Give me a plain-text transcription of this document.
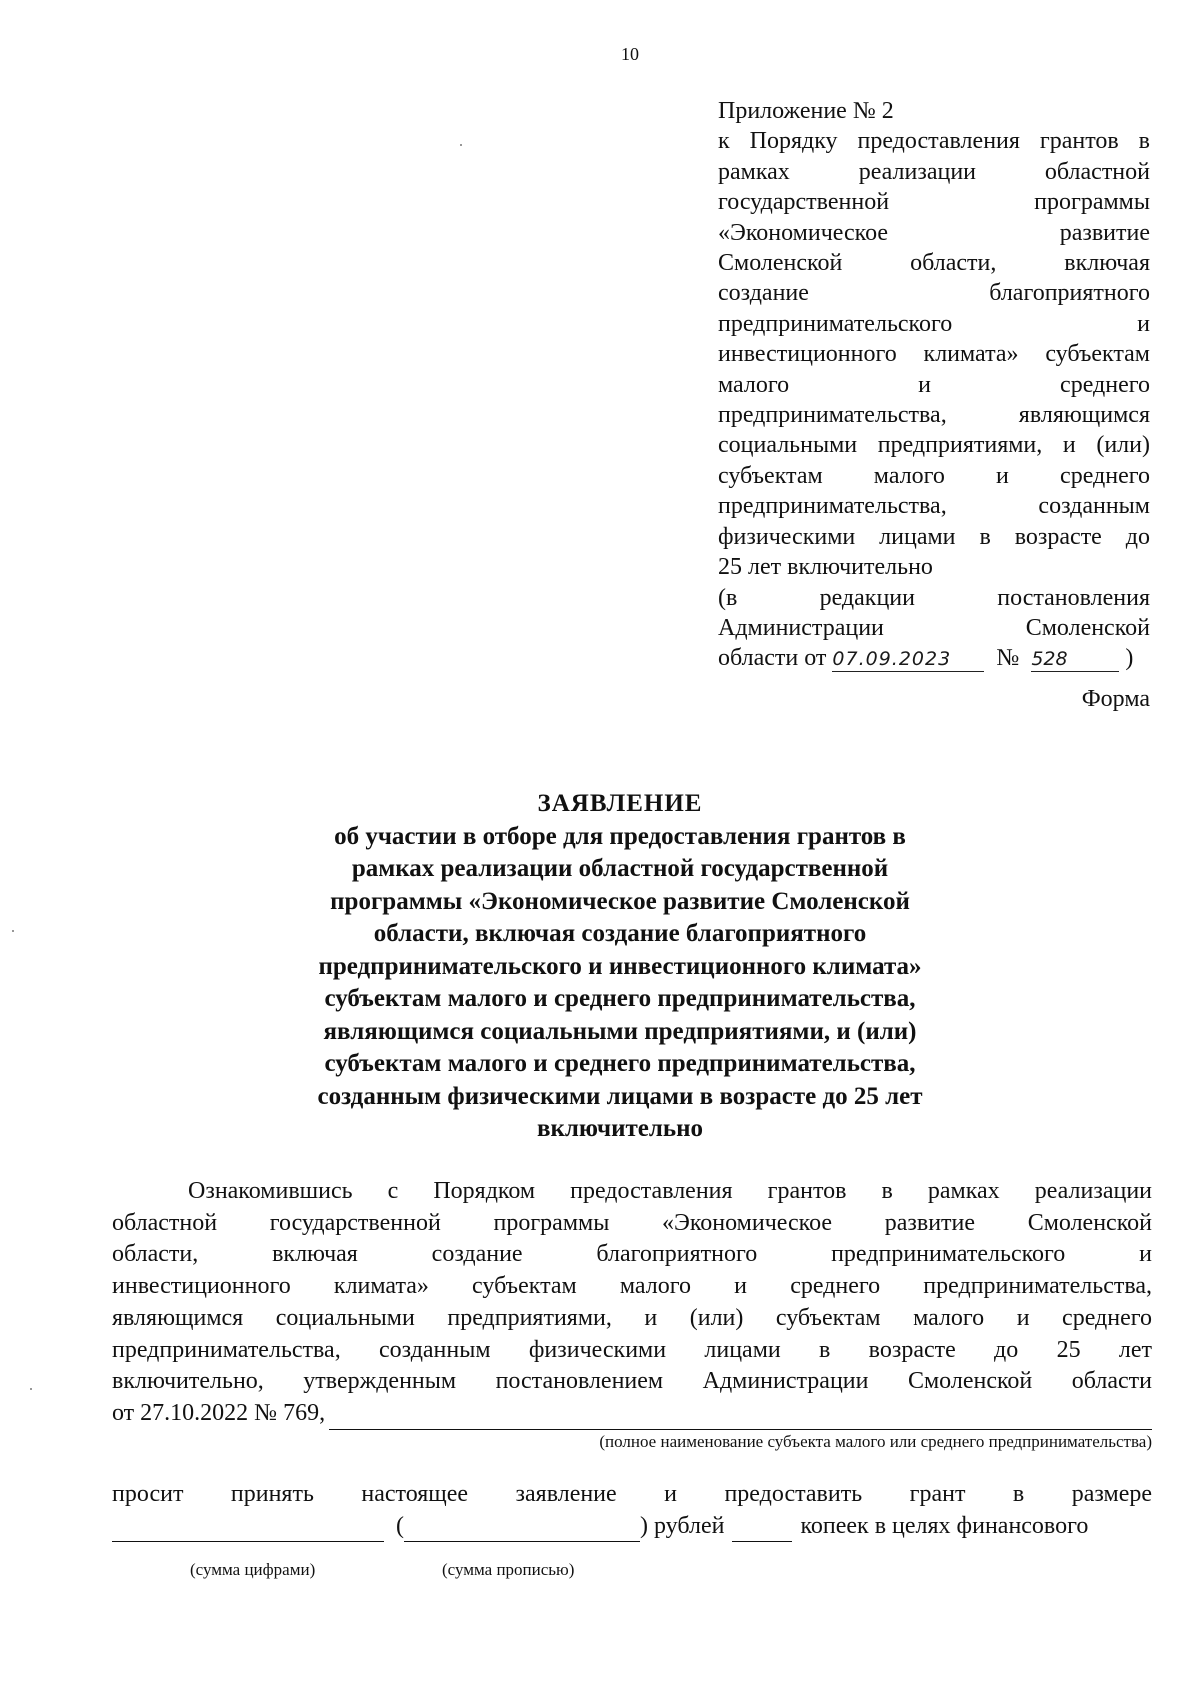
10
Приложение № 2
к Порядку предоставления грантов в
рамках реализации областной
государственной программы
«Экономическое развитие
Смоленской области, включая
создание благоприятного
предпринимательского и
инвестиционного климата» субъектам
малого и среднего
предпринимательства, являющимся
социальными предприятиями, и (или)
субъектам малого и среднего
предпринимательства, созданным
физическими лицами в возрасте до
25 лет включительно
(в редакции постановления
Администрации Смоленской
области от 07.09.2023 № 528 )
Форма
ЗАЯВЛЕНИЕ
об участии в отборе для предоставления грантов в
рамках реализации областной государственной
программы «Экономическое развитие Смоленской
области, включая создание благоприятного
предпринимательского и инвестиционного климата»
субъектам малого и среднего предпринимательства,
являющимся социальными предприятиями, и (или)
субъектам малого и среднего предпринимательства,
созданным физическими лицами в возрасте до 25 лет
включительно
Ознакомившись с Порядком предоставления грантов в рамках реализации
областной государственной программы «Экономическое развитие Смоленской
области, включая создание благоприятного предпринимательского и
инвестиционного климата» субъектам малого и среднего предпринимательства,
являющимся социальными предприятиями, и (или) субъектам малого и среднего
предпринимательства, созданным физическими лицами в возрасте до 25 лет
включительно, утвержденным постановлением Администрации Смоленской области
от 27.10.2022 № 769,
(полное наименование субъекта малого или среднего предпринимательства)
просит принять настоящее заявление и предоставить грант в размере
(	) рублей	копеек в целях финансового
(сумма цифрами)	(сумма прописью)
